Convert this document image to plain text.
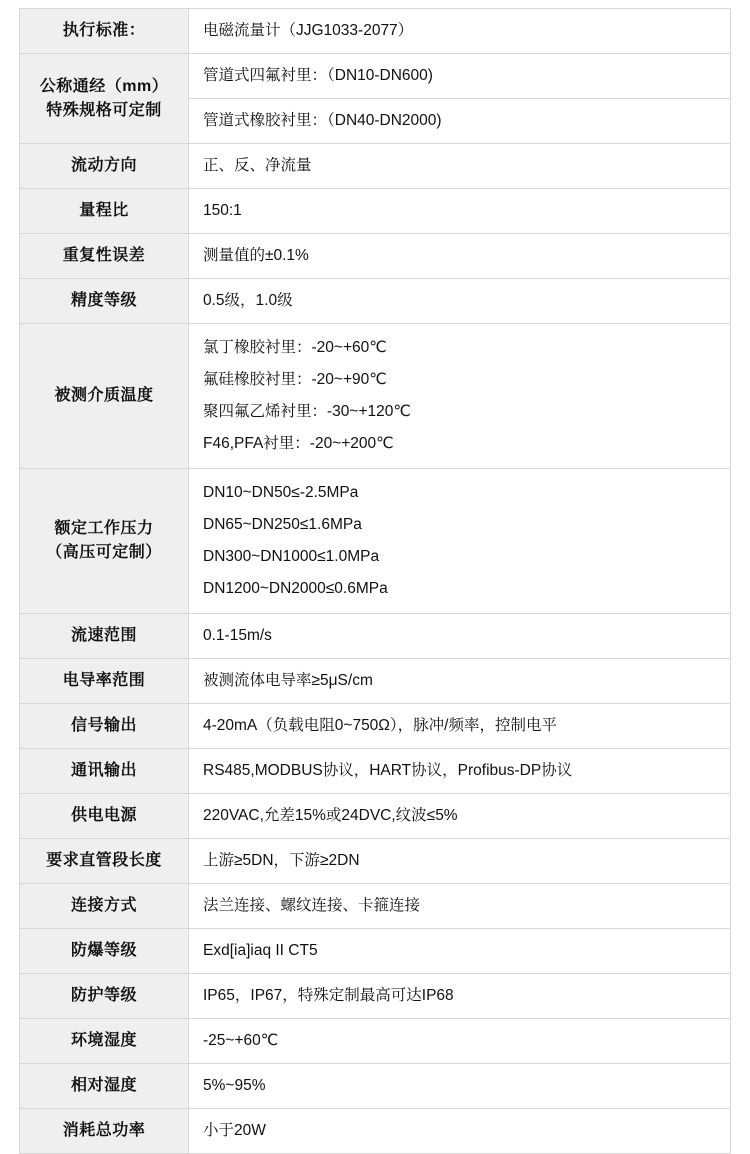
执行标准：	电磁流量计（JJG1033-2077）

公称通经（mm）
特殊规格可定制	管道式四氟衬里：（DN10-DN600)
	管道式橡胶衬里：（DN40-DN2000)

流动方向	正、反、净流量

量程比	150:1

重复性误差	测量值的±0.1%

精度等级	0.5级，1.0级

被测介质温度	氯丁橡胶衬里：-20~+60℃
氟硅橡胶衬里：-20~+90℃
聚四氟乙烯衬里：-30~+120℃
F46,PFA衬里：-20~+200℃

额定工作压力
（高压可定制）	DN10~DN50≤-2.5MPa
DN65~DN250≤1.6MPa
DN300~DN1000≤1.0MPa
DN1200~DN2000≤0.6MPa

流速范围	0.1-15m/s

电导率范围	被测流体电导率≥5μS/cm

信号输出	4-20mA（负载电阻0~750Ω），脉冲/频率，控制电平

通讯输出	RS485,MODBUS协议，HART协议，Profibus-DP协议

供电电源	220VAC,允差15%或24DVC,纹波≤5%

要求直管段长度	上游≥5DN，下游≥2DN

连接方式	法兰连接、螺纹连接、卡箍连接

防爆等级	Exd[ia]iaq II CT5

防护等级	IP65，IP67，特殊定制最高可达IP68

环境湿度	-25~+60℃

相对湿度	5%~95%

消耗总功率	小于20W
